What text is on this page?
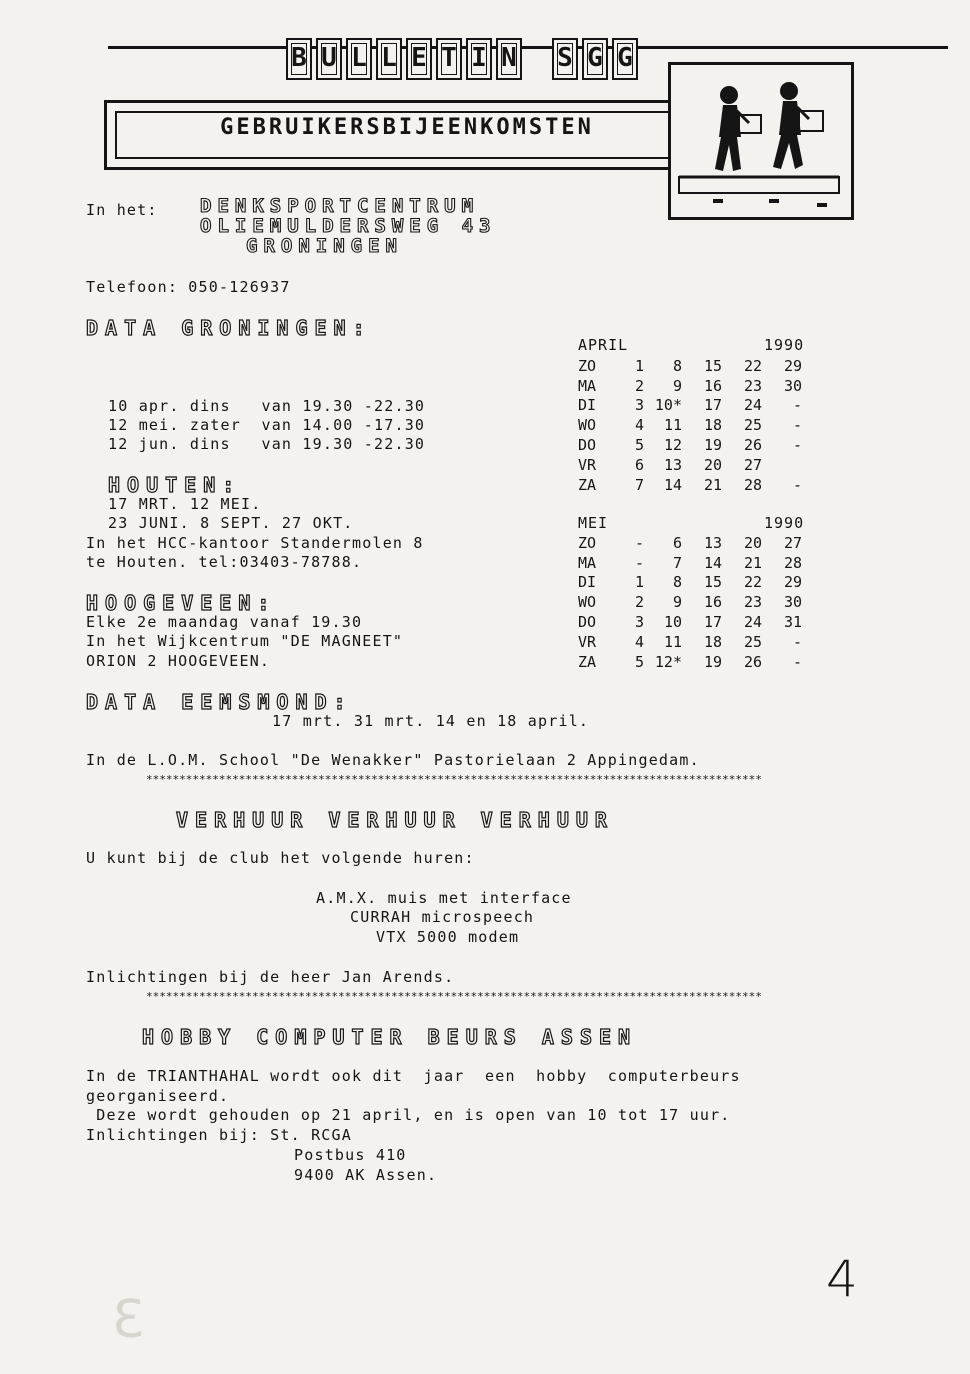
B U L L E T I N S G G
GEBRUIKERSBIJEENKOMSTEN
In het: DENKSPORTCENTRUM
OLIEMULDERSWEG 43
GRONINGEN
Telefoon: 050-126937
DATA GRONINGEN:
10 apr. dins   van 19.30 -22.30
12 mei. zater  van 14.00 -17.30
12 jun. dins   van 19.30 -22.30
HOUTEN:
17 MRT. 12 MEI.
23 JUNI. 8 SEPT. 27 OKT.
In het HCC-kantoor Standermolen 8
te Houten. tel:03403-78788.
HOOGEVEEN:
Elke 2e maandag vanaf 19.30
In het Wijkcentrum "DE MAGNEET"
ORION 2 HOOGEVEEN.
APRIL	1990
ZO	1	8	15	22	29
MA	2	9	16	23	30
DI	3	10*	17	24	-
WO	4	11	18	25	-
DO	5	12	19	26	-
VR	6	13	20	27	
ZA	7	14	21	28	-
MEI	1990
ZO	-	6	13	20	27
MA	-	7	14	21	28
DI	1	8	15	22	29
WO	2	9	16	23	30
DO	3	10	17	24	31
VR	4	11	18	25	-
ZA	5	12*	19	26	-
DATA EEMSMOND:
17 mrt. 31 mrt. 14 en 18 april.
In de L.O.M. School "De Wenakker" Pastorielaan 2 Appingedam.
*********************************************************************************************
VERHUUR VERHUUR VERHUUR
U kunt bij de club het volgende huren:
A.M.X. muis met interface
CURRAH microspeech
VTX 5000 modem
Inlichtingen bij de heer Jan Arends.
*********************************************************************************************
HOBBY COMPUTER BEURS ASSEN
In de TRIANTHAHAL wordt ook dit  jaar  een  hobby  computerbeurs
georganiseerd.
Deze wordt gehouden op 21 april, en is open van 10 tot 17 uur.
Inlichtingen bij: St. RCGA
Postbus 410
9400 AK Assen.
3
4
